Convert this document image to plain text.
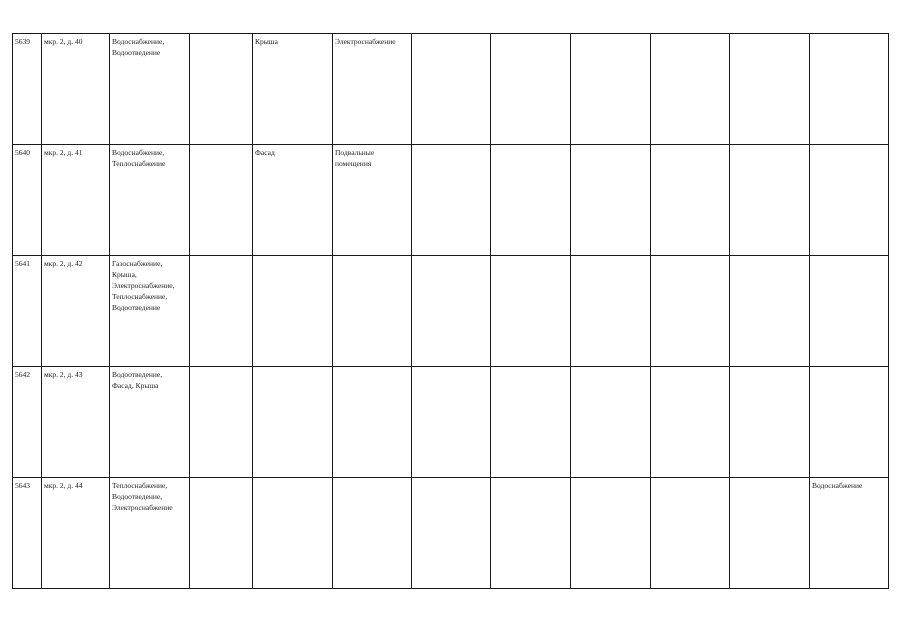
5639	мкр. 2, д. 40	Водоснабжение,
Водоотведение		Крыша	Электроснабжение						

5640	мкр. 2, д. 41	Водоснабжение,
Теплоснабжение		Фасад	Подвальные
помещения						

5641	мкр. 2, д. 42	Газоснабжение,
Крыша,
Электроснабжение,
Теплоснабжение,
Водоотведение									

5642	мкр. 2, д. 43	Водоотведение,
Фасад, Крыша									

5643	мкр. 2, д. 44	Теплоснабжение,
Водоотведение,
Электроснабжение									Водоснабжение
